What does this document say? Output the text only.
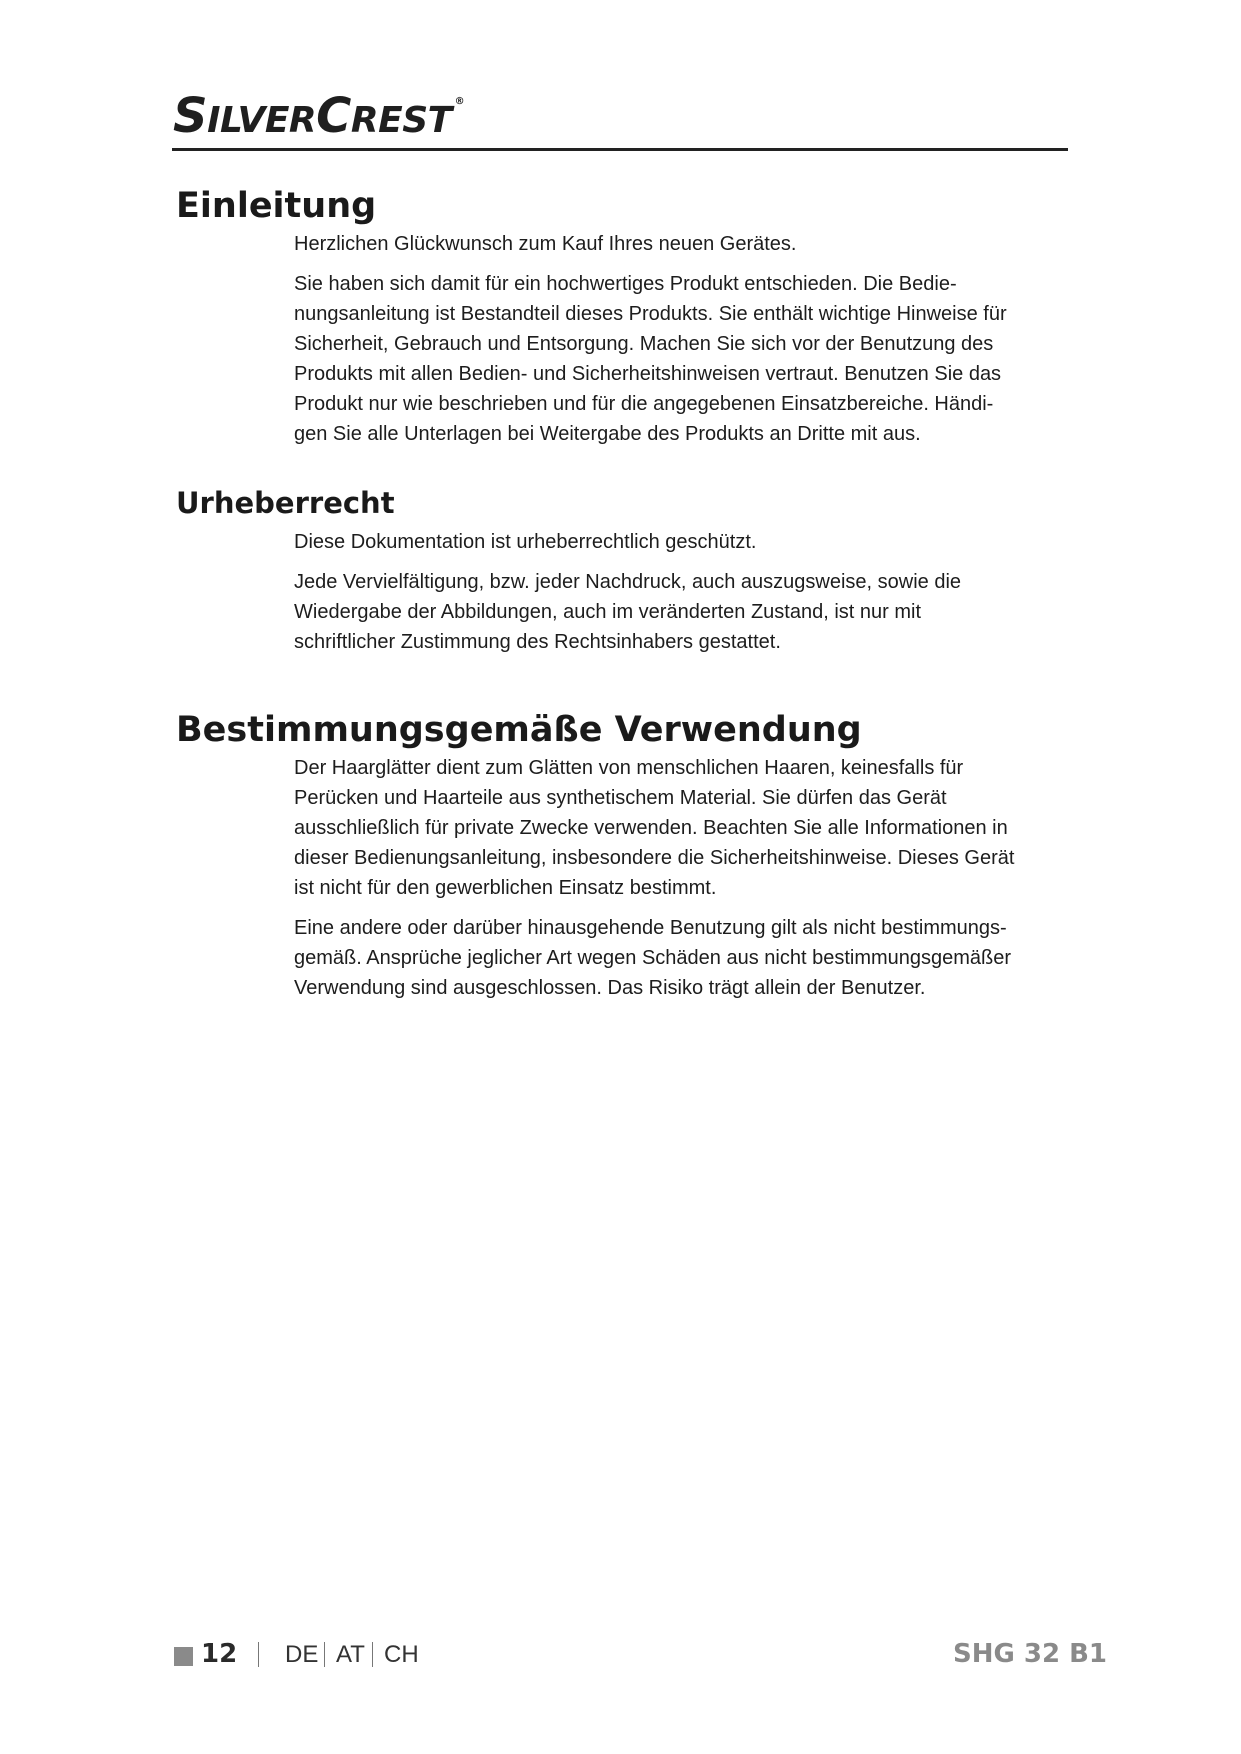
SILVERCREST ®
Einleitung
Herzlichen Glückwunsch zum Kauf Ihres neuen Gerätes.
Sie haben sich damit für ein hochwertiges Produkt entschieden. Die Bedie-
nungsanleitung ist Bestandteil dieses Produkts. Sie enthält wichtige Hinweise für
Sicherheit, Gebrauch und Entsorgung. Machen Sie sich vor der Benutzung des
Produkts mit allen Bedien- und Sicherheitshinweisen vertraut. Benutzen Sie das
Produkt nur wie beschrieben und für die angegebenen Einsatzbereiche. Händi-
gen Sie alle Unterlagen bei Weitergabe des Produkts an Dritte mit aus.
Urheberrecht
Diese Dokumentation ist urheberrechtlich geschützt.
Jede Vervielfältigung, bzw. jeder Nachdruck, auch auszugsweise, sowie die
Wiedergabe der Abbildungen, auch im veränderten Zustand, ist nur mit
schriftlicher Zustimmung des Rechtsinhabers gestattet.
Bestimmungsgemäße Verwendung
Der Haarglätter dient zum Glätten von menschlichen Haaren, keinesfalls für
Perücken und Haarteile aus synthetischem Material. Sie dürfen das Gerät
ausschließlich für private Zwecke verwenden. Beachten Sie alle Informationen in
dieser Bedienungsanleitung, insbesondere die Sicherheitshinweise. Dieses Gerät
ist nicht für den gewerblichen Einsatz bestimmt.
Eine andere oder darüber hinausgehende Benutzung gilt als nicht bestimmungs-
gemäß. Ansprüche jeglicher Art wegen Schäden aus nicht bestimmungsgemäßer
Verwendung sind ausgeschlossen. Das Risiko trägt allein der Benutzer.
12 DE AT CH	SHG 32 B1
